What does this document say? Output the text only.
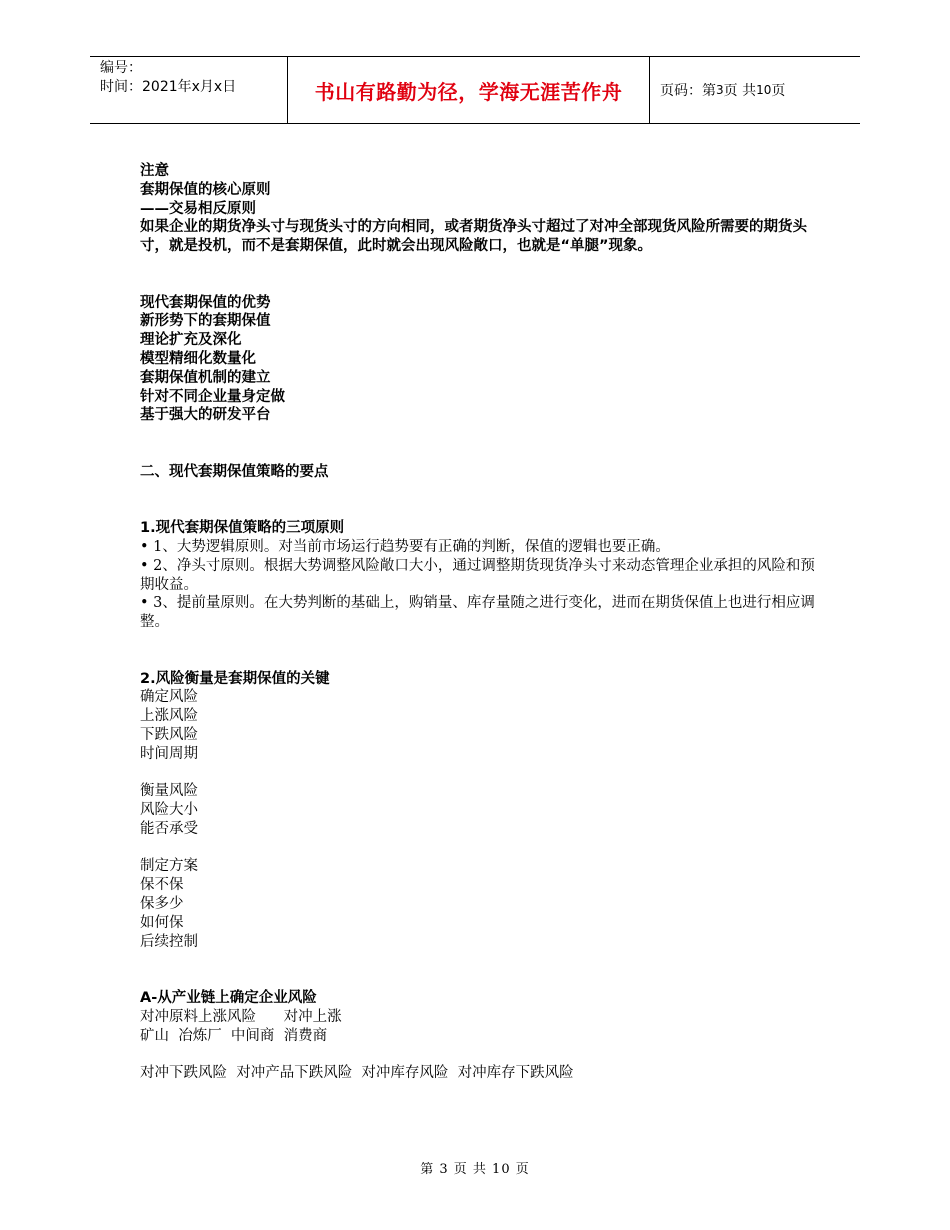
编号：
时间：2021年x月x日	书山有路勤为径，学海无涯苦作舟	页码：第 3 页 共 10 页
注意
套期保值的核心原则
——交易相反原则
如果企业的期货净头寸与现货头寸的方向相同，或者期货净头寸超过了对冲全部现货风险所需要的期货头寸，就是投机，而不是套期保值，此时就会出现风险敞口，也就是“单腿”现象。
现代套期保值的优势
新形势下的套期保值
理论扩充及深化
模型精细化数量化
套期保值机制的建立
针对不同企业量身定做
基于强大的研发平台
二、现代套期保值策略的要点
1.现代套期保值策略的三项原则
• 1、大势逻辑原则。对当前市场运行趋势要有正确的判断，保值的逻辑也要正确。
• 2、净头寸原则。根据大势调整风险敞口大小，通过调整期货现货净头寸来动态管理企业承担的风险和预期收益。
• 3、提前量原则。在大势判断的基础上，购销量、库存量随之进行变化，进而在期货保值上也进行相应调整。
2.风险衡量是套期保值的关键
确定风险
上涨风险
下跌风险
时间周期
衡量风险
风险大小
能否承受
制定方案
保不保
保多少
如何保
后续控制
A-从产业链上确定企业风险
对冲原料上涨风险      对冲上涨
矿山  冶炼厂  中间商  消费商
对冲下跌风险  对冲产品下跌风险  对冲库存风险  对冲库存下跌风险
第 3 页 共 10 页
